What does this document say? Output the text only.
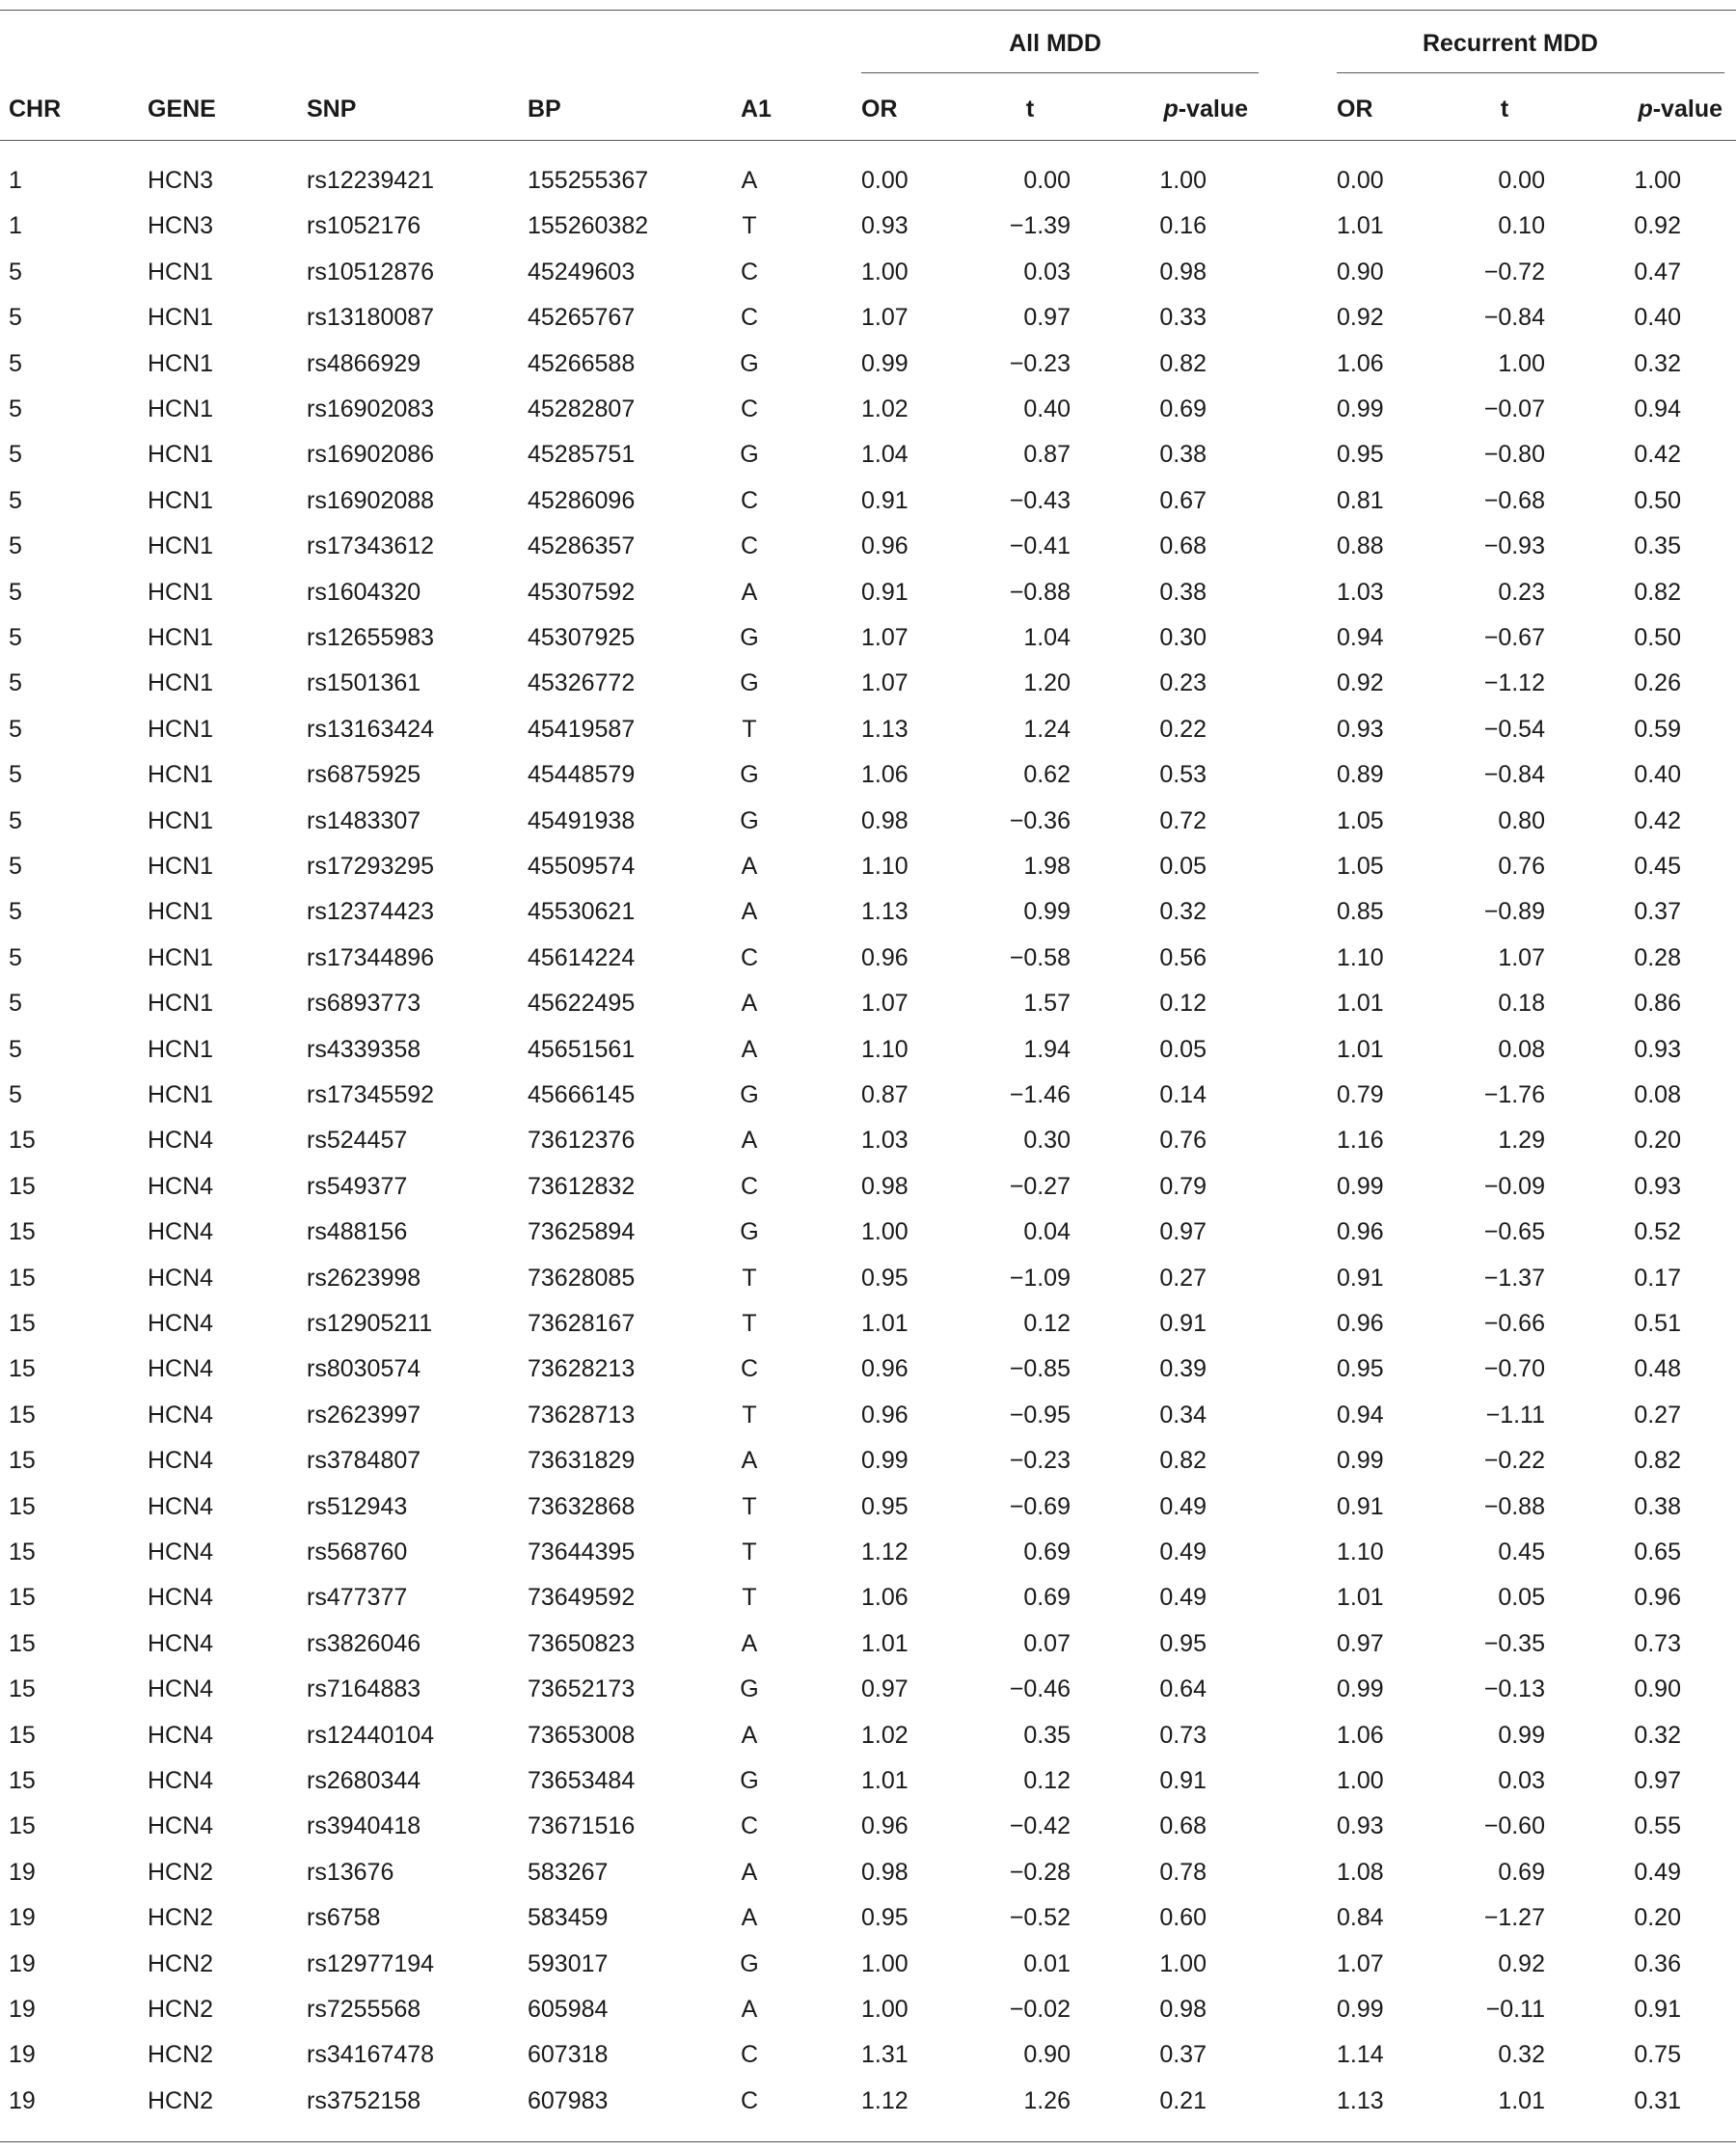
All MDD	Recurrent MDD
CHR	GENE	SNP	BP	A1	OR	t	p-value	OR	t	p-value
1	HCN3	rs12239421	155255367	A	0.00	0.00	1.00	0.00	0.00	1.00
1	HCN3	rs1052176	155260382	T	0.93	−1.39	0.16	1.01	0.10	0.92
5	HCN1	rs10512876	45249603	C	1.00	0.03	0.98	0.90	−0.72	0.47
5	HCN1	rs13180087	45265767	C	1.07	0.97	0.33	0.92	−0.84	0.40
5	HCN1	rs4866929	45266588	G	0.99	−0.23	0.82	1.06	1.00	0.32
5	HCN1	rs16902083	45282807	C	1.02	0.40	0.69	0.99	−0.07	0.94
5	HCN1	rs16902086	45285751	G	1.04	0.87	0.38	0.95	−0.80	0.42
5	HCN1	rs16902088	45286096	C	0.91	−0.43	0.67	0.81	−0.68	0.50
5	HCN1	rs17343612	45286357	C	0.96	−0.41	0.68	0.88	−0.93	0.35
5	HCN1	rs1604320	45307592	A	0.91	−0.88	0.38	1.03	0.23	0.82
5	HCN1	rs12655983	45307925	G	1.07	1.04	0.30	0.94	−0.67	0.50
5	HCN1	rs1501361	45326772	G	1.07	1.20	0.23	0.92	−1.12	0.26
5	HCN1	rs13163424	45419587	T	1.13	1.24	0.22	0.93	−0.54	0.59
5	HCN1	rs6875925	45448579	G	1.06	0.62	0.53	0.89	−0.84	0.40
5	HCN1	rs1483307	45491938	G	0.98	−0.36	0.72	1.05	0.80	0.42
5	HCN1	rs17293295	45509574	A	1.10	1.98	0.05	1.05	0.76	0.45
5	HCN1	rs12374423	45530621	A	1.13	0.99	0.32	0.85	−0.89	0.37
5	HCN1	rs17344896	45614224	C	0.96	−0.58	0.56	1.10	1.07	0.28
5	HCN1	rs6893773	45622495	A	1.07	1.57	0.12	1.01	0.18	0.86
5	HCN1	rs4339358	45651561	A	1.10	1.94	0.05	1.01	0.08	0.93
5	HCN1	rs17345592	45666145	G	0.87	−1.46	0.14	0.79	−1.76	0.08
15	HCN4	rs524457	73612376	A	1.03	0.30	0.76	1.16	1.29	0.20
15	HCN4	rs549377	73612832	C	0.98	−0.27	0.79	0.99	−0.09	0.93
15	HCN4	rs488156	73625894	G	1.00	0.04	0.97	0.96	−0.65	0.52
15	HCN4	rs2623998	73628085	T	0.95	−1.09	0.27	0.91	−1.37	0.17
15	HCN4	rs12905211	73628167	T	1.01	0.12	0.91	0.96	−0.66	0.51
15	HCN4	rs8030574	73628213	C	0.96	−0.85	0.39	0.95	−0.70	0.48
15	HCN4	rs2623997	73628713	T	0.96	−0.95	0.34	0.94	−1.11	0.27
15	HCN4	rs3784807	73631829	A	0.99	−0.23	0.82	0.99	−0.22	0.82
15	HCN4	rs512943	73632868	T	0.95	−0.69	0.49	0.91	−0.88	0.38
15	HCN4	rs568760	73644395	T	1.12	0.69	0.49	1.10	0.45	0.65
15	HCN4	rs477377	73649592	T	1.06	0.69	0.49	1.01	0.05	0.96
15	HCN4	rs3826046	73650823	A	1.01	0.07	0.95	0.97	−0.35	0.73
15	HCN4	rs7164883	73652173	G	0.97	−0.46	0.64	0.99	−0.13	0.90
15	HCN4	rs12440104	73653008	A	1.02	0.35	0.73	1.06	0.99	0.32
15	HCN4	rs2680344	73653484	G	1.01	0.12	0.91	1.00	0.03	0.97
15	HCN4	rs3940418	73671516	C	0.96	−0.42	0.68	0.93	−0.60	0.55
19	HCN2	rs13676	583267	A	0.98	−0.28	0.78	1.08	0.69	0.49
19	HCN2	rs6758	583459	A	0.95	−0.52	0.60	0.84	−1.27	0.20
19	HCN2	rs12977194	593017	G	1.00	0.01	1.00	1.07	0.92	0.36
19	HCN2	rs7255568	605984	A	1.00	−0.02	0.98	0.99	−0.11	0.91
19	HCN2	rs34167478	607318	C	1.31	0.90	0.37	1.14	0.32	0.75
19	HCN2	rs3752158	607983	C	1.12	1.26	0.21	1.13	1.01	0.31
